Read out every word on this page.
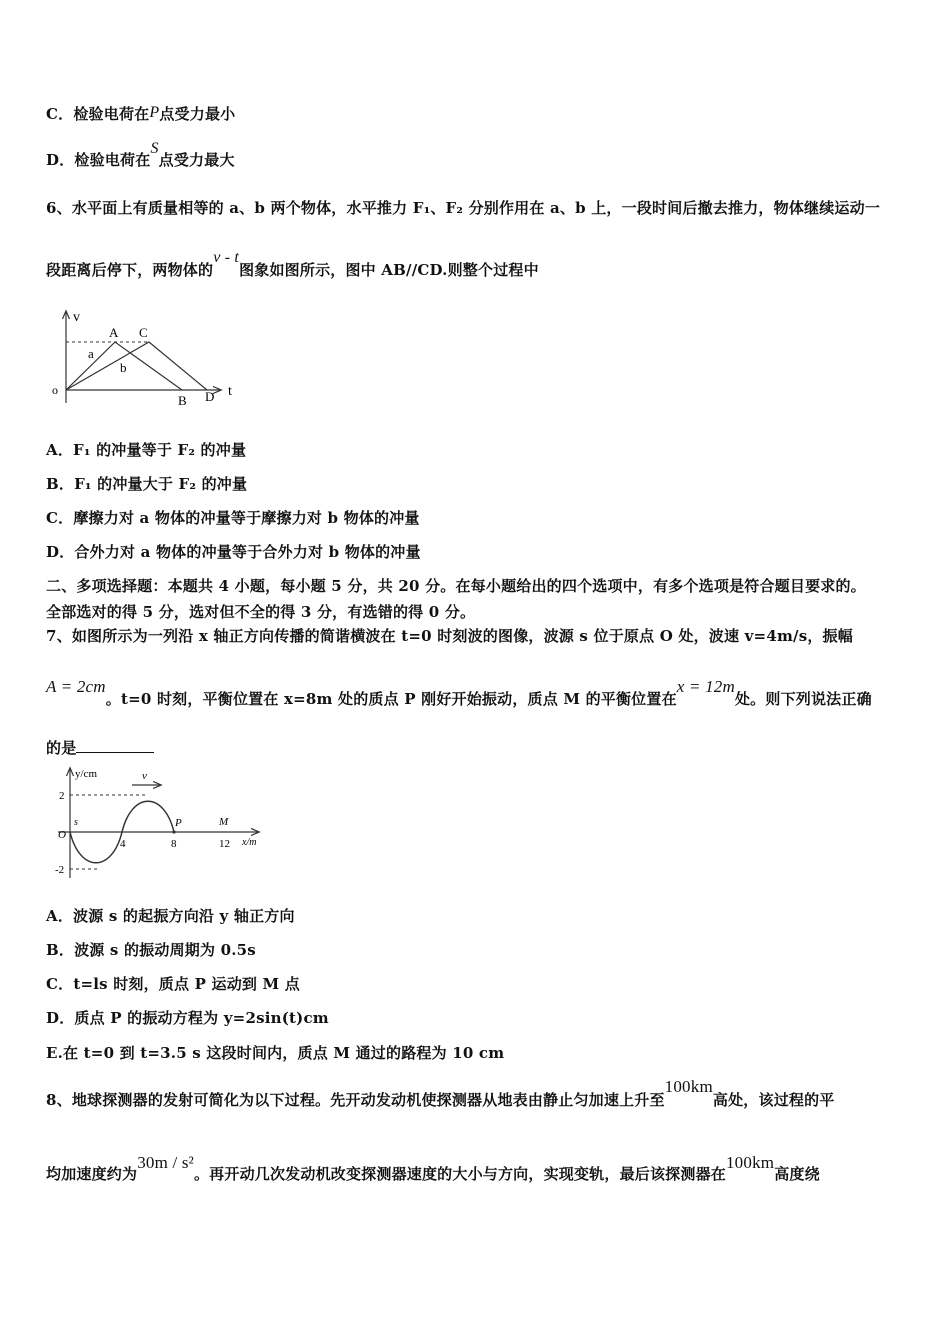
C．检验电荷在P点受力最小
D．检验电荷在S点受力最大
6、水平面上有质量相等的 a、b 两个物体，水平推力 F₁、F₂ 分别作用在 a、b 上，一段时间后撤去推力，物体继续运动一
段距离后停下，两物体的v - t图象如图所示，图中 AB//CD.则整个过程中
v
t
o
A C
B D
a
b
A．F₁ 的冲量等于 F₂ 的冲量
B．F₁ 的冲量大于 F₂ 的冲量
C．摩擦力对 a 物体的冲量等于摩擦力对 b 物体的冲量
D．合外力对 a 物体的冲量等于合外力对 b 物体的冲量
二、多项选择题：本题共 4 小题，每小题 5 分，共 20 分。在每小题给出的四个选项中，有多个选项是符合题目要求的。
全部选对的得 5 分，选对但不全的得 3 分，有选错的得 0 分。
7、如图所示为一列沿 x 轴正方向传播的简谐横波在 t=0 时刻波的图像，波源 s 位于原点 O 处，波速 v=4m/s，振幅
A = 2cm。t=0 时刻，平衡位置在 x=8m 处的质点 P 刚好开始振动，质点 M 的平衡位置在x = 12m处。则下列说法正确
的是
v
y/cm
x/m
2
-2
O
s
4	8	12
P	M
A．波源 s 的起振方向沿 y 轴正方向
B．波源 s 的振动周期为 0.5s
C．t=ls 时刻，质点 P 运动到 M 点
D．质点 P 的振动方程为 y=2sin(t)cm
E.在 t=0 到 t=3.5 s 这段时间内，质点 M 通过的路程为 10 cm
8、地球探测器的发射可简化为以下过程。先开动发动机使探测器从地表由静止匀加速上升至100km高处，该过程的平
均加速度约为30m / s²。再开动几次发动机改变探测器速度的大小与方向，实现变轨，最后该探测器在100km高度绕
